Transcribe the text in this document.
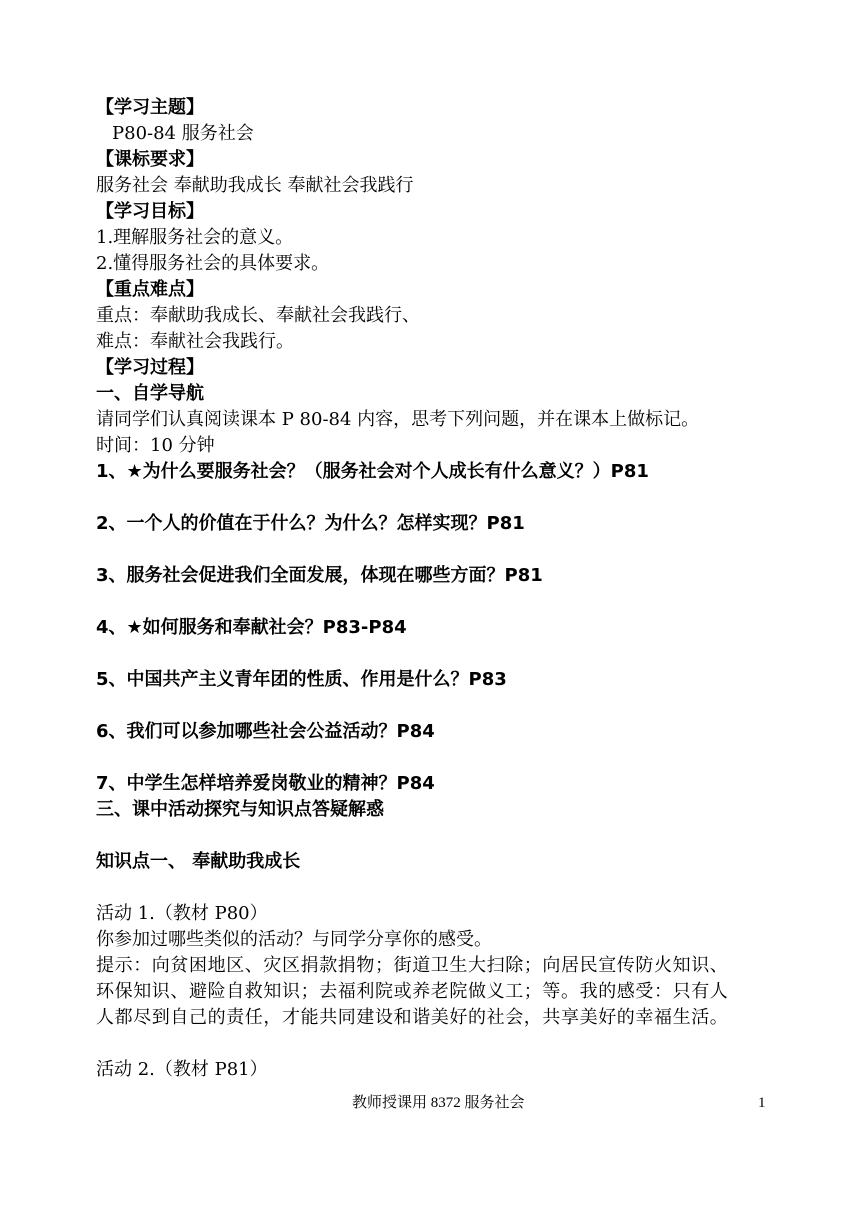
【学习主题】
P80-84 服务社会
【课标要求】
服务社会 奉献助我成长 奉献社会我践行
【学习目标】
1.理解服务社会的意义。
2.懂得服务社会的具体要求。
【重点难点】
重点：奉献助我成长、奉献社会我践行、
难点：奉献社会我践行。
【学习过程】
一、自学导航
请同学们认真阅读课本 P 80-84 内容，思考下列问题，并在课本上做标记。
时间：10 分钟
1、★为什么要服务社会？（服务社会对个人成长有什么意义？）P81
2、一个人的价值在于什么？为什么？怎样实现？P81
3、服务社会促进我们全面发展，体现在哪些方面？P81
4、★如何服务和奉献社会？P83-P84
5、中国共产主义青年团的性质、作用是什么？P83
6、我们可以参加哪些社会公益活动？P84
7、中学生怎样培养爱岗敬业的精神？P84
三、课中活动探究与知识点答疑解惑
知识点一、 奉献助我成长
活动 1.（教材 P80）
你参加过哪些类似的活动？与同学分享你的感受。
提示：向贫困地区、灾区捐款捐物；街道卫生大扫除；向居民宣传防火知识、
环保知识、避险自救知识；去福利院或养老院做义工；等。我的感受：只有人
人都尽到自己的责任，才能共同建设和谐美好的社会，共享美好的幸福生活。
活动 2.（教材 P81）
教师授课用 8372 服务社会	1
